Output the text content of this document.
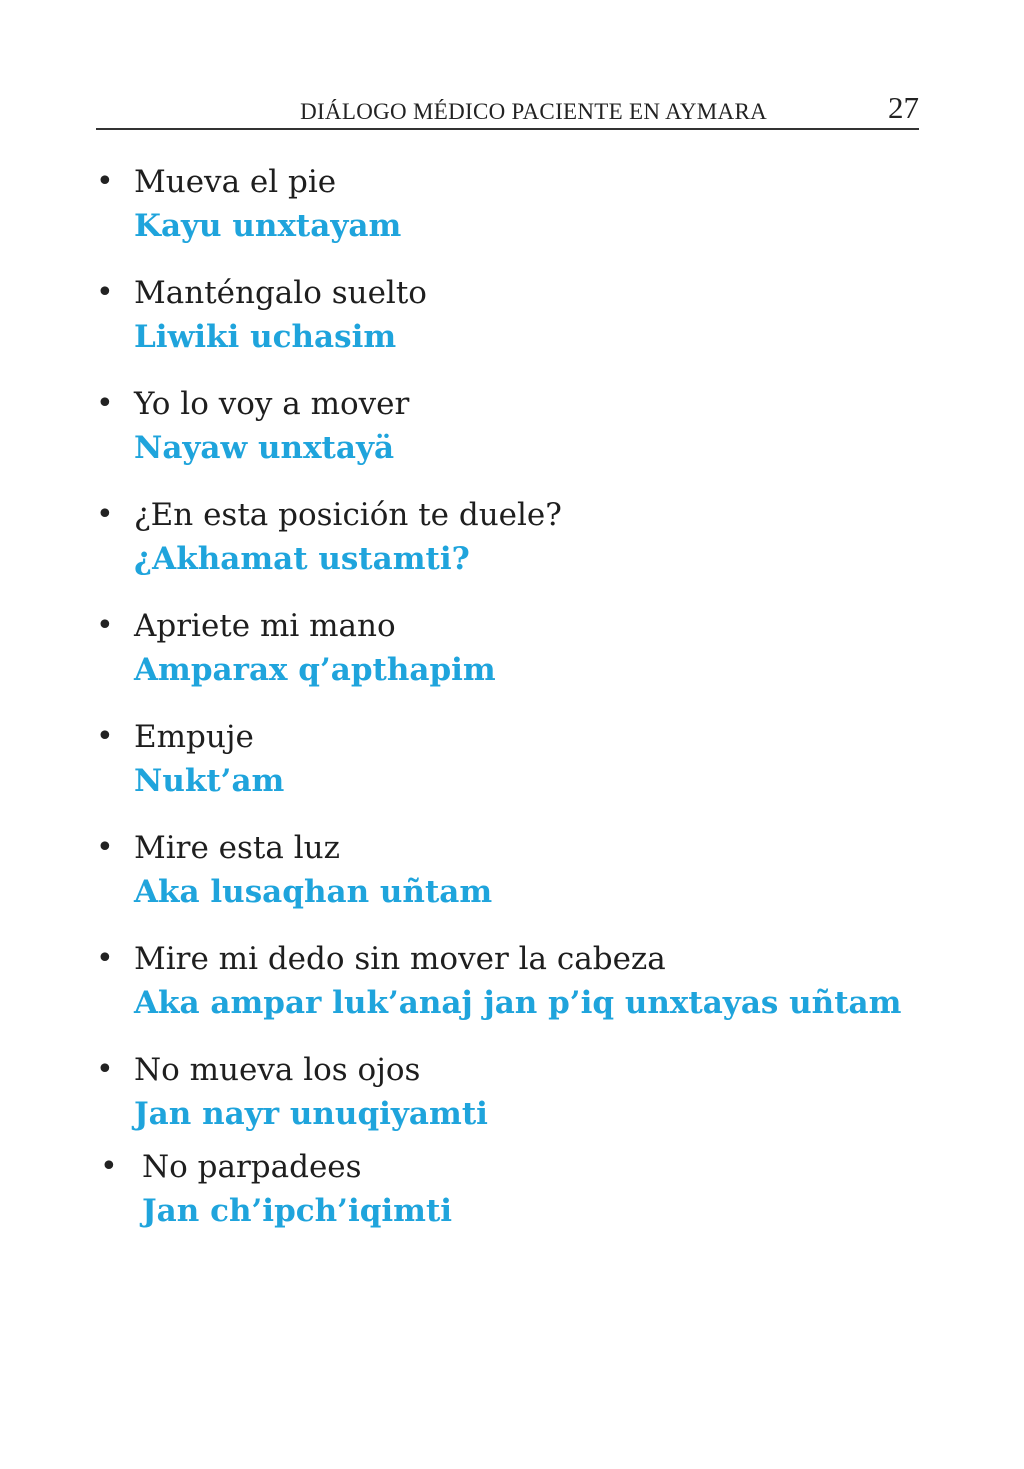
DIÁLOGO MÉDICO PACIENTE EN AYMARA	27
• Mueva el pie
Kayu unxtayam
• Manténgalo suelto
Liwiki uchasim
• Yo lo voy a mover
Nayaw unxtayä
• ¿En esta posición te duele?
¿Akhamat ustamti?
• Apriete mi mano
Amparax q’apthapim
• Empuje
Nukt’am
• Mire esta luz
Aka lusaqhan uñtam
• Mire mi dedo sin mover la cabeza
Aka ampar luk’anaj jan p’iq unxtayas uñtam
• No mueva los ojos
Jan nayr unuqiyamti
• No parpadees
Jan ch’ipch’iqimti
